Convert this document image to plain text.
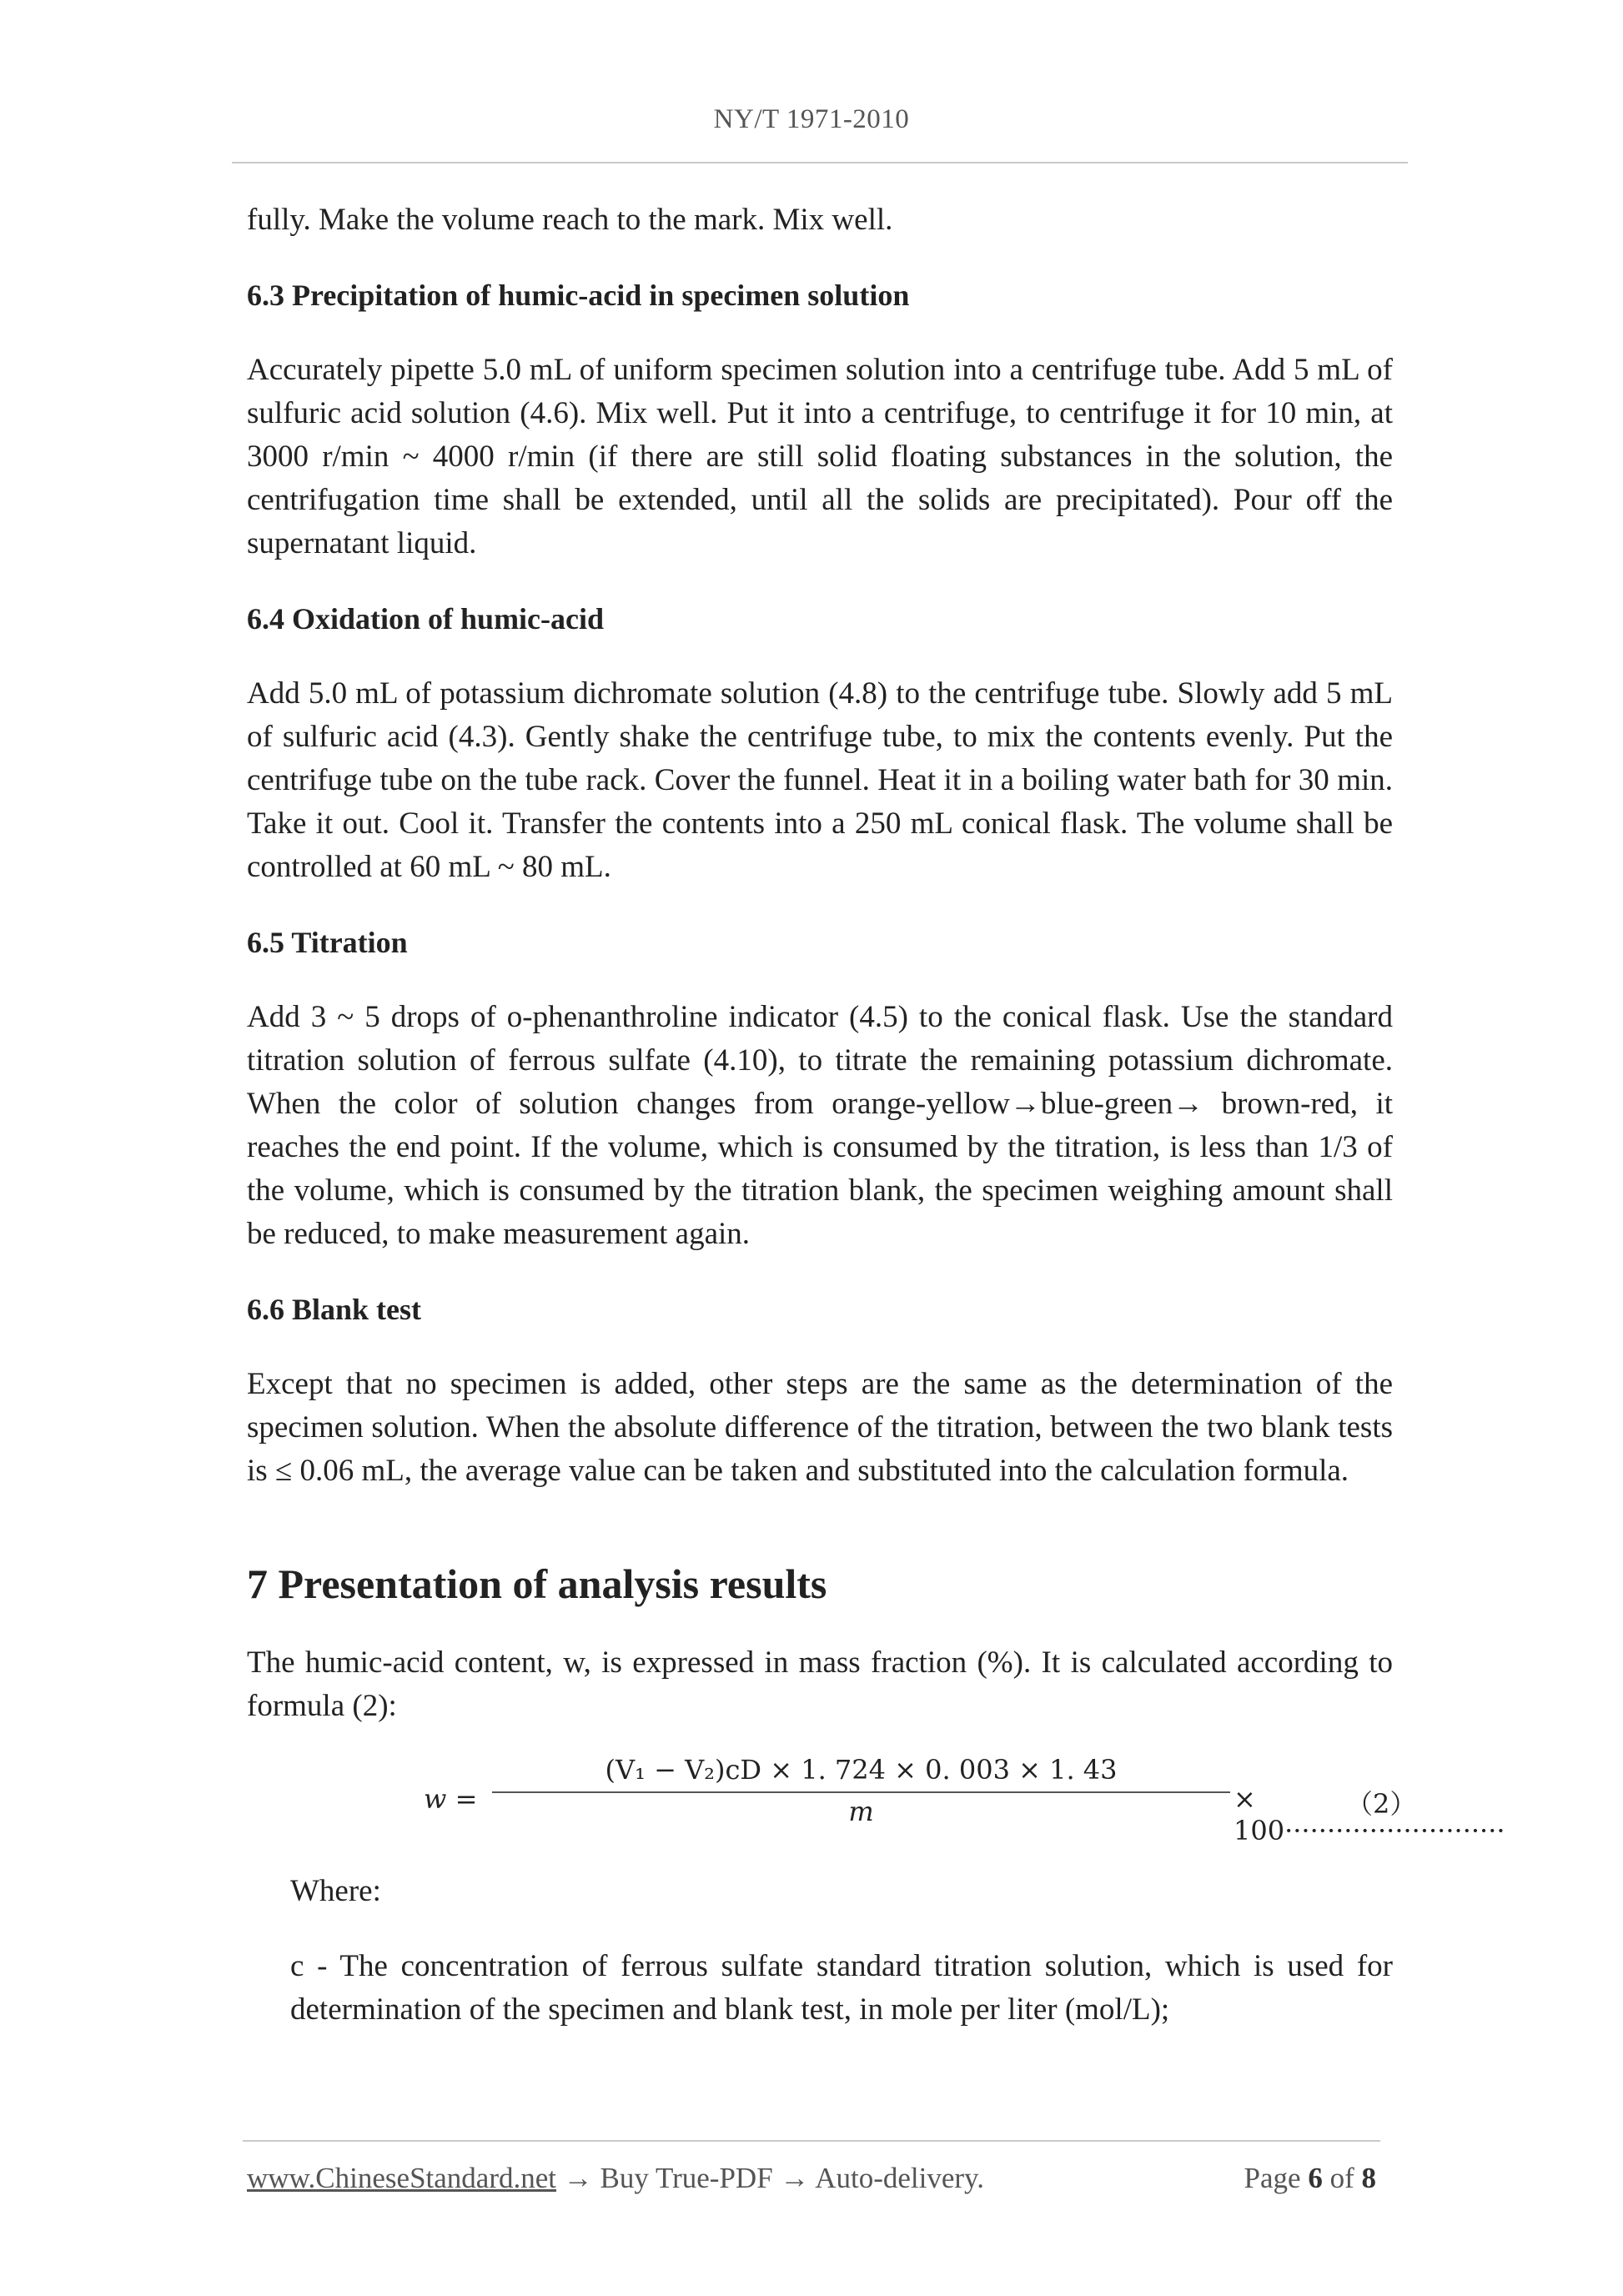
NY/T 1971-2010

fully. Make the volume reach to the mark. Mix well.

6.3 Precipitation of humic-acid in specimen solution

Accurately pipette 5.0 mL of uniform specimen solution into a centrifuge tube. Add 5 mL of sulfuric acid solution (4.6). Mix well. Put it into a centrifuge, to centrifuge it for 10 min, at 3000 r/min ~ 4000 r/min (if there are still solid floating substances in the solution, the centrifugation time shall be extended, until all the solids are precipitated). Pour off the supernatant liquid.

6.4 Oxidation of humic-acid

Add 5.0 mL of potassium dichromate solution (4.8) to the centrifuge tube. Slowly add 5 mL of sulfuric acid (4.3). Gently shake the centrifuge tube, to mix the contents evenly. Put the centrifuge tube on the tube rack. Cover the funnel. Heat it in a boiling water bath for 30 min. Take it out. Cool it. Transfer the contents into a 250 mL conical flask. The volume shall be controlled at 60 mL ~ 80 mL.

6.5 Titration

Add 3 ~ 5 drops of o-phenanthroline indicator (4.5) to the conical flask. Use the standard titration solution of ferrous sulfate (4.10), to titrate the remaining potassium dichromate. When the color of solution changes from orange-yellow→blue-green→ brown-red, it reaches the end point. If the volume, which is consumed by the titration, is less than 1/3 of the volume, which is consumed by the titration blank, the specimen weighing amount shall be reduced, to make measurement again.

6.6 Blank test

Except that no specimen is added, other steps are the same as the determination of the specimen solution. When the absolute difference of the titration, between the two blank tests is ≤ 0.06 mL, the average value can be taken and substituted into the calculation formula.

7 Presentation of analysis results

The humic-acid content, w, is expressed in mass fraction (%). It is calculated according to formula (2):

w =
(V₁ − V₂)cD × 1. 724 × 0. 003 × 1. 43
m	× 100··························
（2）

Where:

c - The concentration of ferrous sulfate standard titration solution, which is used for determination of the specimen and blank test, in mole per liter (mol/L);

www.ChineseStandard.net → Buy True-PDF → Auto-delivery.	Page 6 of 8
